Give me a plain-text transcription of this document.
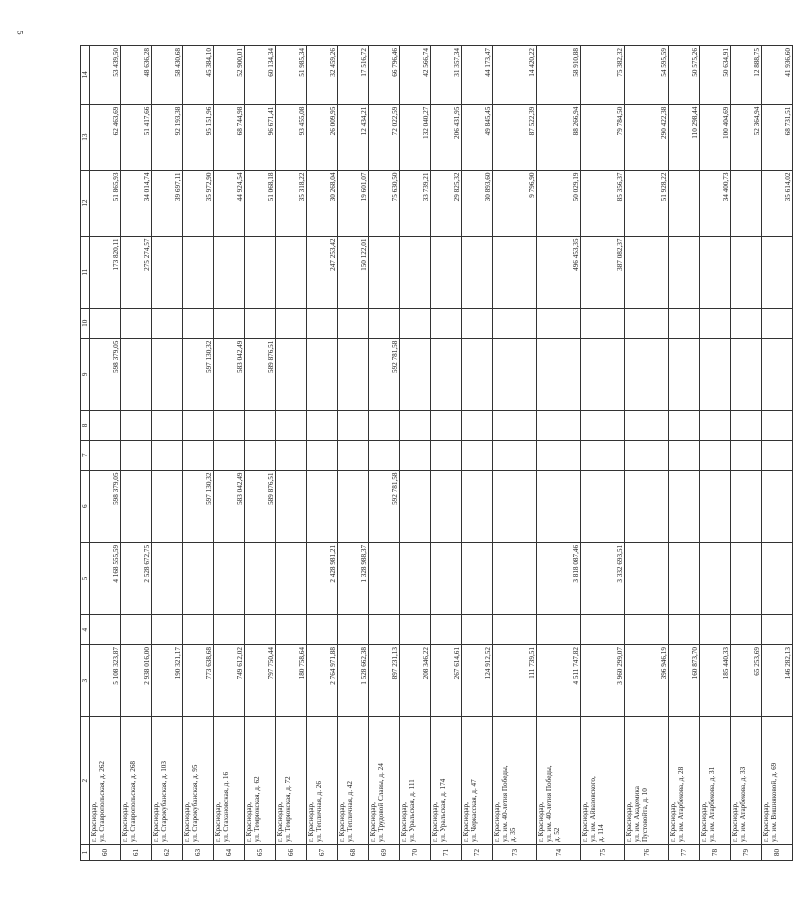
5
1	2	3	4	5	6	7	8	9	10	11	12	13	14
60	г. Краснодар, ул. Ставропольская, д. 262	5 108 323,87		4 168 555,59	598 379,05			598 379,05		173 820,11	51 865,93	62 463,69	53 439,50
61	г. Краснодар, ул. Ставропольская, д. 268	2 938 016,00		2 528 672,75						275 274,57	34 014,74	51 417,66	48 636,28
62	г. Краснодар, ул. Старокубанская, д. 103	190 321,17									39 697,11	92 193,38	58 430,68
63	г. Краснодар, ул. Старокубанская, д. 95	773 638,68			597 130,32			597 130,32			35 972,90	95 151,96	45 384,10
64	г. Краснодар, ул. Стахановская, д. 16	749 612,02			583 042,49			583 042,49			44 924,54	68 744,98	52 900,01
65	г. Краснодар, ул. Темрюкская, д. 62	797 750,44			589 876,51			589 876,51			51 068,18	96 671,41	60 134,34
66	г. Краснодар, ул. Темрюкская, д. 72	180 758,64									35 318,22	93 455,08	51 985,34
67	г. Краснодар, ул. Тепличная, д. 26	2 764 971,88		2 428 981,21						247 253,42	30 268,04	26 009,95	32 459,26
68	г. Краснодар, ул. Тепличная, д. 42	1 528 662,38		1 328 988,37						150 122,01	19 601,07	12 434,21	17 516,72
69	г. Краснодар, ул. Трудовой Славы, д. 24	897 231,13			592 781,58			592 781,58			75 630,50	72 022,59	66 796,46
70	г. Краснодар, ул. Уральская, д. 111	208 346,22									33 739,21	132 040,27	42 566,74
71	г. Краснодар, ул. Уральская, д. 174	267 614,61									29 825,32	206 431,95	31 357,34
72	г. Краснодар, ул. Черкасская, д. 47	124 912,52									30 893,60	49 845,45	44 173,47
73	г. Краснодар, ул. им. 40-летия Победы, д. 35	111 739,51									9 796,90	87 522,39	14 420,22
74	г. Краснодар, ул. им. 40-летия Победы, д. 52	4 511 747,82		3 818 087,46						496 453,35	50 029,19	88 266,94	58 910,88
75	г. Краснодар, ул. им. Айвазовского, д. 114	3 960 299,07		3 332 693,51						387 082,37	85 356,37	79 784,50	75 382,32
76	г. Краснодар, ул. им. Академика Пустовойта, д. 10	396 946,19									51 928,22	290 422,38	54 595,59
77	г. Краснодар, ул. им. Атарбекова, д. 28	160 873,70										110 298,44	50 575,26
78	г. Краснодар, ул. им. Атарбекова, д. 31	185 440,33									34 400,73	100 404,69	50 634,91
79	г. Краснодар, ул. им. Атарбекова, д. 33	65 253,69										52 364,94	12 888,75
80	г. Краснодар, ул. им. Вишняковой, д. 69	146 282,13									35 614,02	68 731,51	41 936,60
